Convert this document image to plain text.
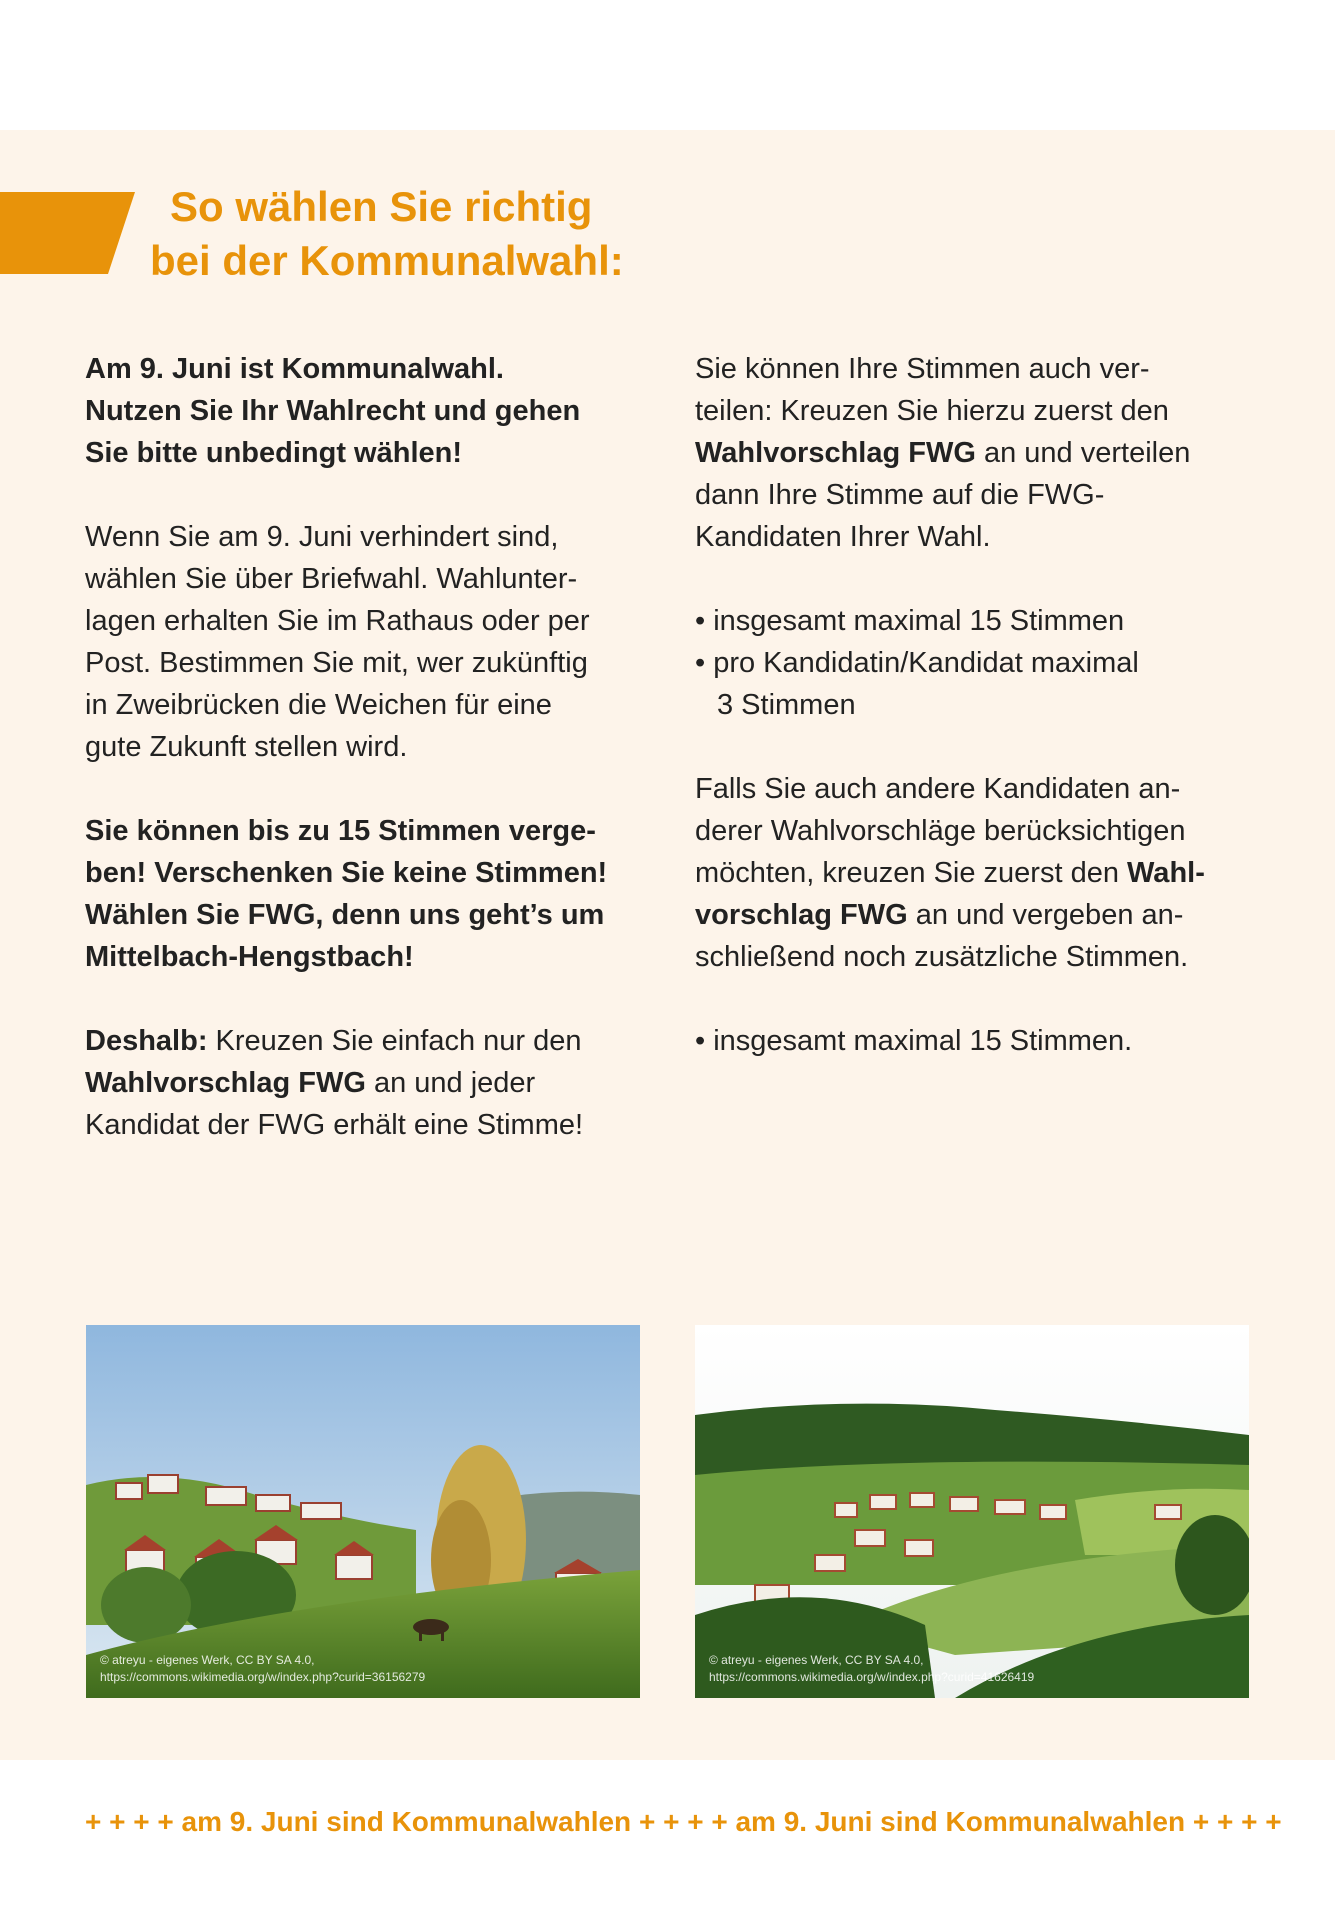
So wählen Sie richtig
bei der Kommunalwahl:

Am 9. Juni ist Kommunalwahl.
Nutzen Sie Ihr Wahlrecht und gehen
Sie bitte unbedingt wählen!

Wenn Sie am 9. Juni verhindert sind,
wählen Sie über Briefwahl. Wahlunter-
lagen erhalten Sie im Rathaus oder per
Post. Bestimmen Sie mit, wer zukünftig
in Zweibrücken die Weichen für eine
gute Zukunft stellen wird.

Sie können bis zu 15 Stimmen verge-
ben! Verschenken Sie keine Stimmen!
Wählen Sie FWG, denn uns geht’s um
Mittelbach-Hengstbach!

Deshalb: Kreuzen Sie einfach nur den
Wahlvorschlag FWG an und jeder
Kandidat der FWG erhält eine Stimme!

Sie können Ihre Stimmen auch ver-
teilen: Kreuzen Sie hierzu zuerst den
Wahlvorschlag FWG an und verteilen
dann Ihre Stimme auf die FWG-
Kandidaten Ihrer Wahl.

• insgesamt maximal 15 Stimmen

• pro Kandidatin/Kandidat maximal

3 Stimmen

Falls Sie auch andere Kandidaten an-
derer Wahlvorschläge berücksichtigen
möchten, kreuzen Sie zuerst den Wahl-
vorschlag FWG an und vergeben an-
schließend noch zusätzliche Stimmen.

• insgesamt maximal 15 Stimmen.

© atreyu - eigenes Werk, CC BY SA 4.0,
https://commons.wikimedia.org/w/index.php?curid=36156279
© atreyu - eigenes Werk, CC BY SA 4.0,
https://commons.wikimedia.org/w/index.php?curid=41626419
+ + + + am 9. Juni sind Kommunalwahlen + + + + am 9. Juni sind Kommunalwahlen + + + +
